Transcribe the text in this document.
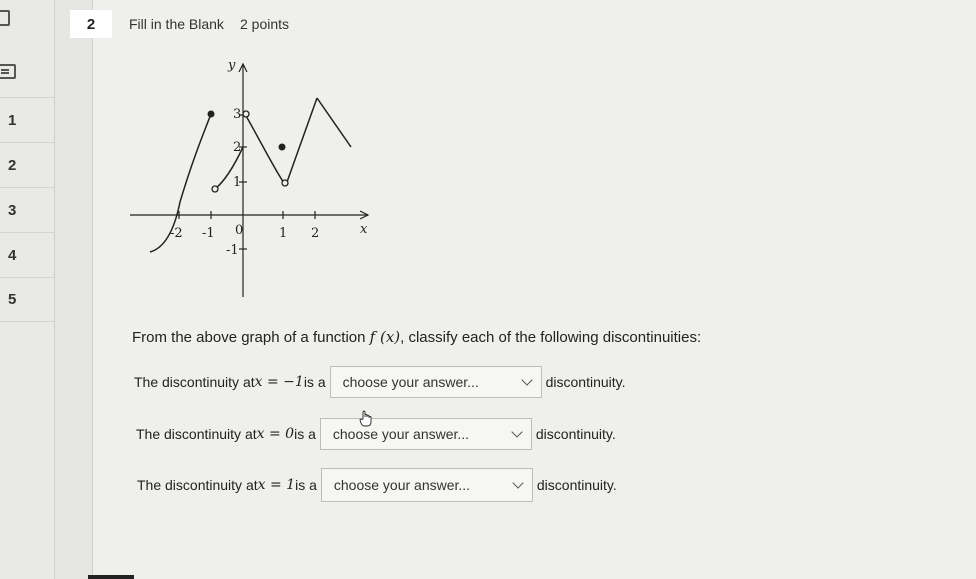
1
2
3
4
5
2	Fill in the Blank 2 points
y
x
-2 -1 0	1 2
3
2
1
-1
From the above graph of a function f (x), classify each of the following discontinuities:
The discontinuity at x = −1 is a choose your answer...	discontinuity.
The discontinuity at x = 0 is a choose your answer...	discontinuity.
The discontinuity at x = 1 is a choose your answer...	discontinuity.
